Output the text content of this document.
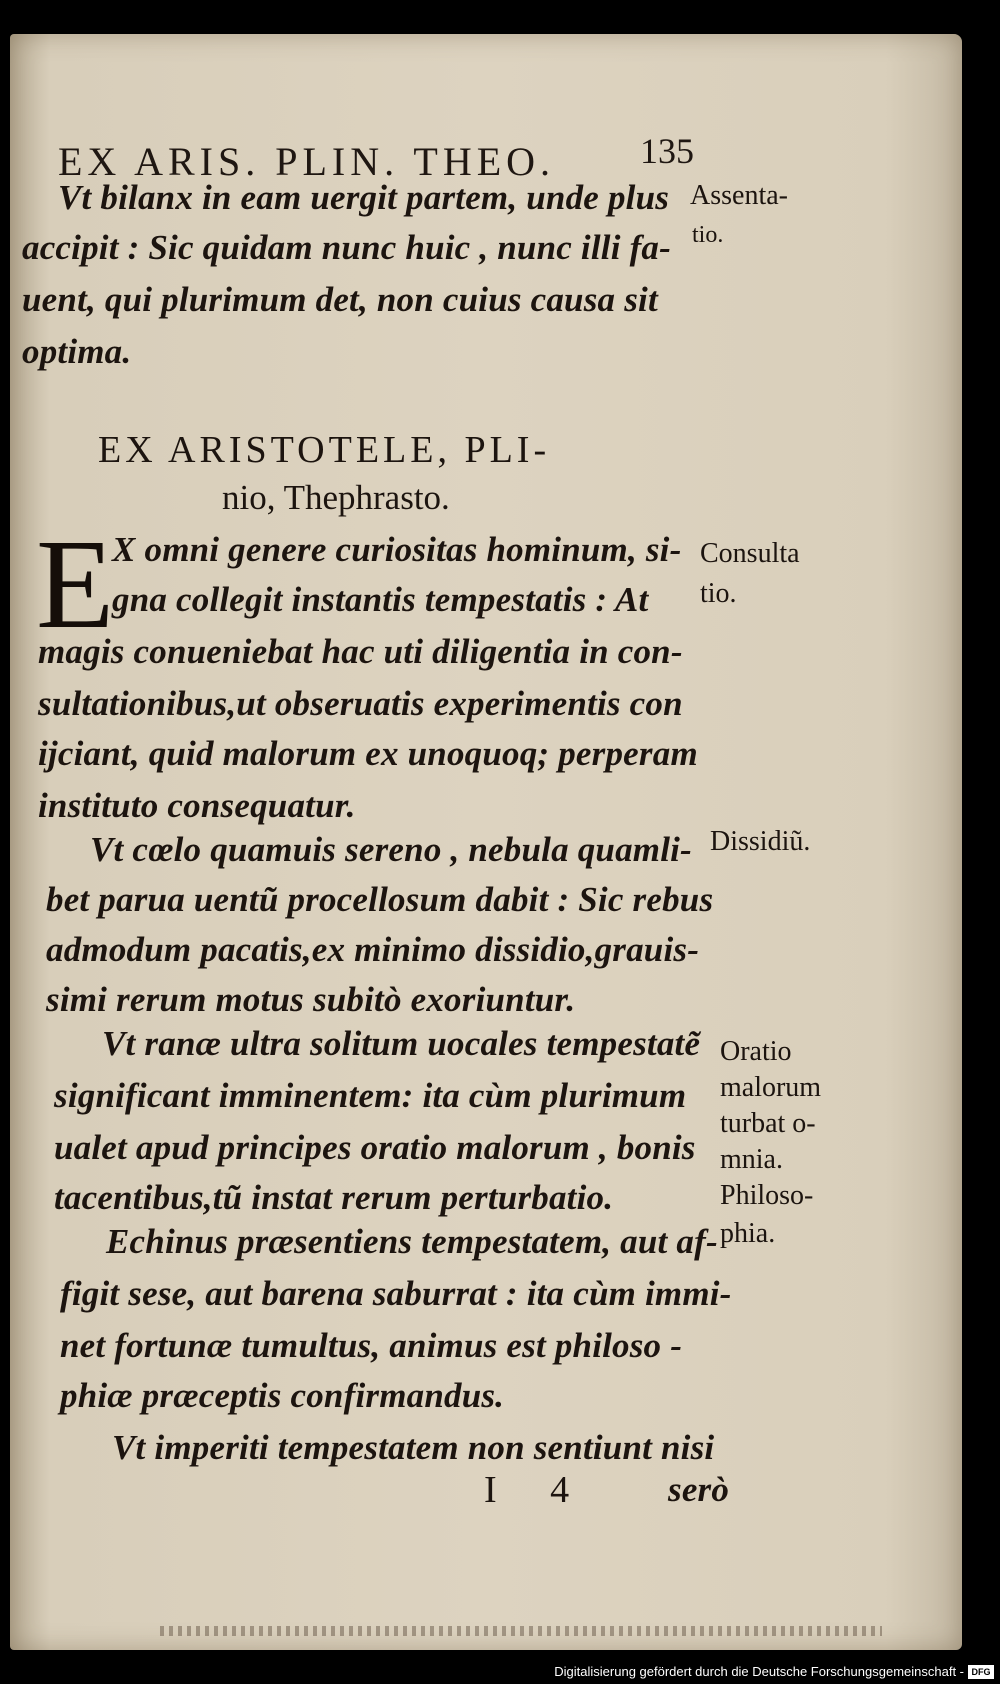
EX ARIS. PLIN. THEO. 135
Vt bilanx in eam uergit partem, unde plus
accipit : Sic quidam nunc huic , nunc illi fa-
uent, qui plurimum det, non cuius causa sit
optima.
Assenta-
tio.
EX ARISTOTELE, PLI-
nio, Thephrasto.
E
X omni genere curiositas hominum, si-
gna collegit instantis tempestatis : At
magis conueniebat hac uti diligentia in con-
sultationibus,ut obseruatis experimentis con
ijciant, quid malorum ex unoquoq; perperam
instituto consequatur.
Consulta
tio.
Vt cœlo quamuis sereno , nebula quamli-
bet parua uentũ procellosum dabit : Sic rebus
admodum pacatis,ex minimo dissidio,grauis-
simi rerum motus subitò exoriuntur.
Dissidiũ.
Vt ranæ ultra solitum uocales tempestatẽ
significant imminentem: ita cùm plurimum
ualet apud principes oratio malorum , bonis
tacentibus,tũ instat rerum perturbatio.
Oratio
malorum
turbat o-
mnia.
Echinus præsentiens tempestatem, aut af-
figit sese, aut barena saburrat : ita cùm immi-
net fortunæ tumultus, animus est philoso -
phiæ præceptis confirmandus.
Vt imperiti tempestatem non sentiunt nisi
Philoso-
phia.
I 4 serò
Digitalisierung gefördert durch die Deutsche Forschungsgemeinschaft - DFG
